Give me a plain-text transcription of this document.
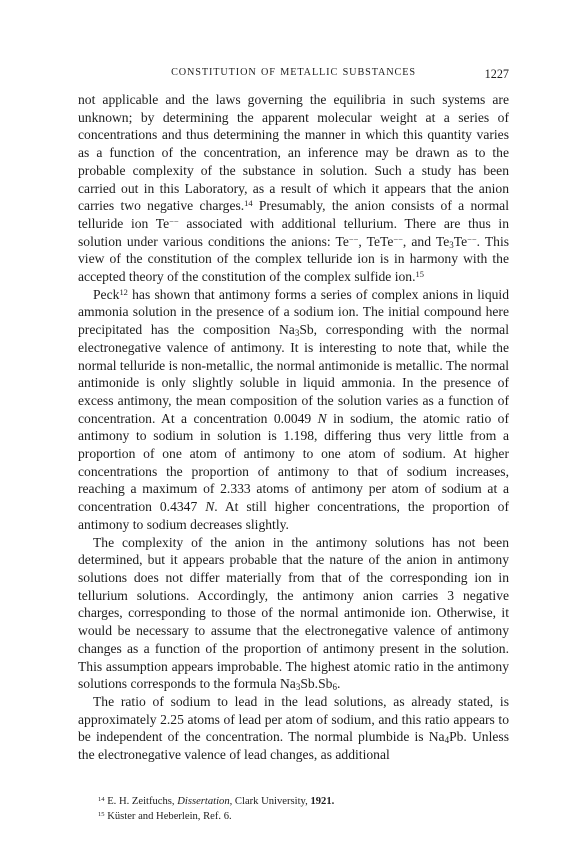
CONSTITUTION OF METALLIC SUBSTANCES	1227

not applicable and the laws governing the equilibria in such systems are unknown; by determining the apparent molecular weight at a series of concentrations and thus determining the manner in which this quantity varies as a function of the concentration, an inference may be drawn as to the probable complexity of the substance in solution. Such a study has been carried out in this Laboratory, as a result of which it appears that the anion carries two negative charges.$^{14}$ Presumably, the anion consists of a normal telluride ion Te−− associated with additional tellurium. There are thus in solution under various conditions the anions: Te−−, TeTe−−, and $Te_3Te^{--}$. This view of the constitution of the complex telluride ion is in harmony with the accepted theory of the constitution of the complex sulfide ion.$^{15}$

Peck$^{12}$ has shown that antimony forms a series of complex anions in liquid ammonia solution in the presence of a sodium ion. The initial compound here precipitated has the composition $Na_3Sb$, corresponding with the normal electronegative valence of antimony. It is interesting to note that, while the normal telluride is non-metallic, the normal antimonide is metallic. The normal antimonide is only slightly soluble in liquid ammonia. In the presence of excess antimony, the mean composition of the solution varies as a function of concentration. At a concentration 0.0049 N in sodium, the atomic ratio of antimony to sodium in solution is 1.198, differing thus very little from a proportion of one atom of antimony to one atom of sodium. At higher concentrations the proportion of antimony to that of sodium increases, reaching a maximum of 2.333 atoms of antimony per atom of sodium at a concentration 0.4347 N. At still higher concentrations, the proportion of antimony to sodium decreases slightly.

The complexity of the anion in the antimony solutions has not been determined, but it appears probable that the nature of the anion in antimony solutions does not differ materially from that of the corresponding ion in tellurium solutions. Accordingly, the antimony anion carries 3 negative charges, corresponding to those of the normal antimonide ion. Otherwise, it would be necessary to assume that the electronegative valence of antimony changes as a function of the proportion of antimony present in the solution. This assumption appears improbable. The highest atomic ratio in the antimony solutions corresponds to the formula $Na_3Sb.Sb_6$.

The ratio of sodium to lead in the lead solutions, as already stated, is approximately 2.25 atoms of lead per atom of sodium, and this ratio appears to be independent of the concentration. The normal plumbide is $Na_4Pb$. Unless the electronegative valence of lead changes, as additional

$^{14}$ E. H. Zeitfuchs, Dissertation, Clark University, 1921.

$^{15}$ Küster and Heberlein, Ref. 6.
